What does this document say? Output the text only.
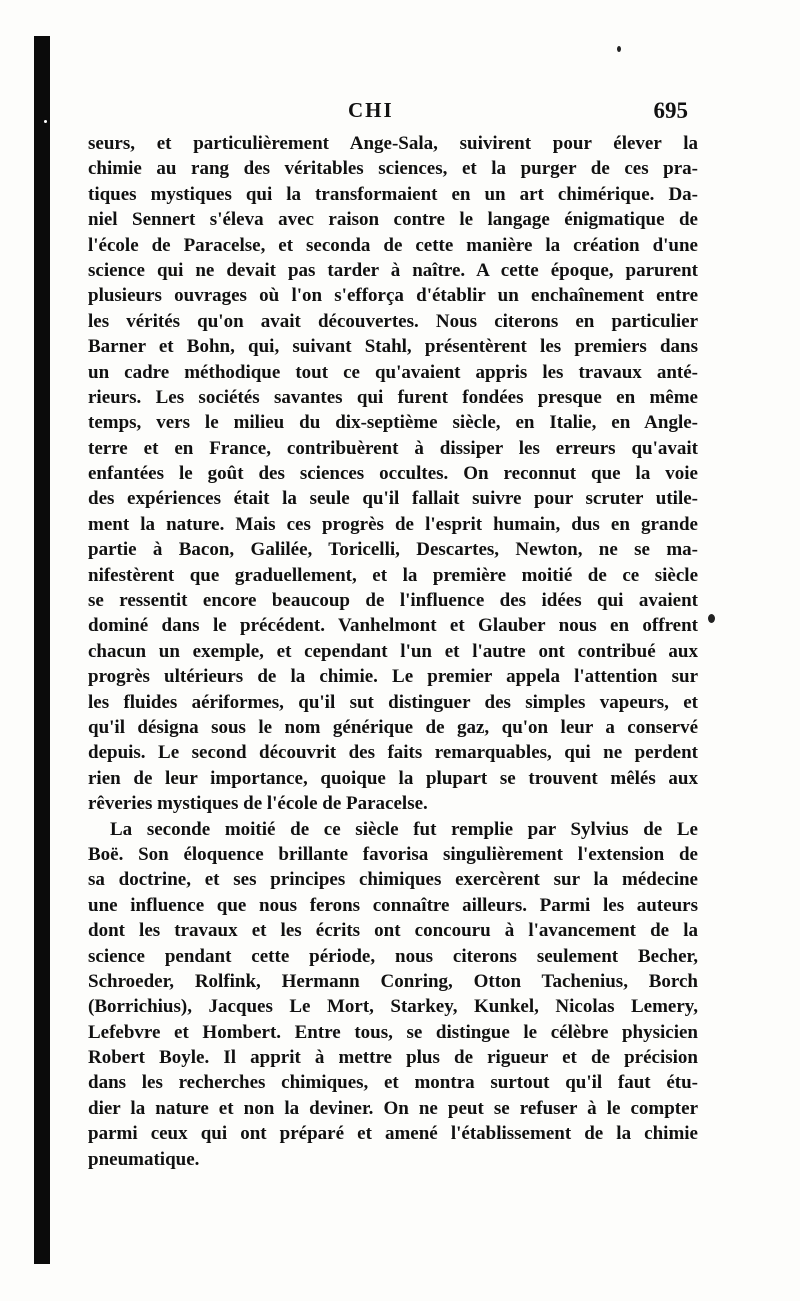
CHI	695
seurs, et particulièrement Ange-Sala, suivirent pour élever la
chimie au rang des véritables sciences, et la purger de ces pra-
tiques mystiques qui la transformaient en un art chimérique. Da-
niel Sennert s'éleva avec raison contre le langage énigmatique de
l'école de Paracelse, et seconda de cette manière la création d'une
science qui ne devait pas tarder à naître. A cette époque, parurent
plusieurs ouvrages où l'on s'efforça d'établir un enchaînement entre
les vérités qu'on avait découvertes. Nous citerons en particulier
Barner et Bohn, qui, suivant Stahl, présentèrent les premiers dans
un cadre méthodique tout ce qu'avaient appris les travaux anté-
rieurs. Les sociétés savantes qui furent fondées presque en même
temps, vers le milieu du dix-septième siècle, en Italie, en Angle-
terre et en France, contribuèrent à dissiper les erreurs qu'avait
enfantées le goût des sciences occultes. On reconnut que la voie
des expériences était la seule qu'il fallait suivre pour scruter utile-
ment la nature. Mais ces progrès de l'esprit humain, dus en grande
partie à Bacon, Galilée, Toricelli, Descartes, Newton, ne se ma-
nifestèrent que graduellement, et la première moitié de ce siècle
se ressentit encore beaucoup de l'influence des idées qui avaient
dominé dans le précédent. Vanhelmont et Glauber nous en offrent
chacun un exemple, et cependant l'un et l'autre ont contribué aux
progrès ultérieurs de la chimie. Le premier appela l'attention sur
les fluides aériformes, qu'il sut distinguer des simples vapeurs, et
qu'il désigna sous le nom générique de gaz, qu'on leur a conservé
depuis. Le second découvrit des faits remarquables, qui ne perdent
rien de leur importance, quoique la plupart se trouvent mêlés aux
rêveries mystiques de l'école de Paracelse.
La seconde moitié de ce siècle fut remplie par Sylvius de Le
Boë. Son éloquence brillante favorisa singulièrement l'extension de
sa doctrine, et ses principes chimiques exercèrent sur la médecine
une influence que nous ferons connaître ailleurs. Parmi les auteurs
dont les travaux et les écrits ont concouru à l'avancement de la
science pendant cette période, nous citerons seulement Becher,
Schroeder, Rolfink, Hermann Conring, Otton Tachenius, Borch
(Borrichius), Jacques Le Mort, Starkey, Kunkel, Nicolas Lemery,
Lefebvre et Hombert. Entre tous, se distingue le célèbre physicien
Robert Boyle. Il apprit à mettre plus de rigueur et de précision
dans les recherches chimiques, et montra surtout qu'il faut étu-
dier la nature et non la deviner. On ne peut se refuser à le compter
parmi ceux qui ont préparé et amené l'établissement de la chimie
pneumatique.
